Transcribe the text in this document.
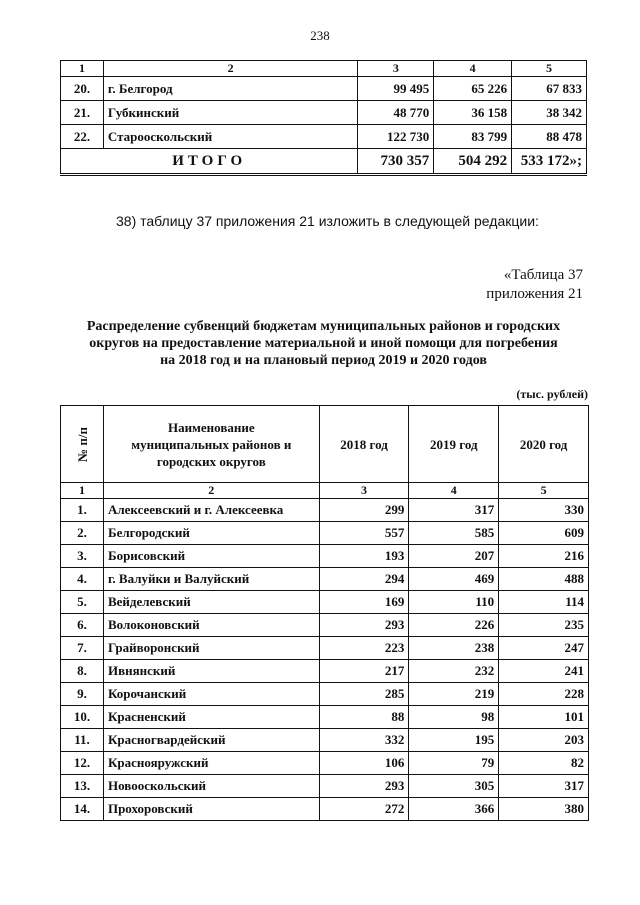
238
1	2	3	4	5
20.	г. Белгород	99 495	65 226	67 833
21.	Губкинский	48 770	36 158	38 342
22.	Старооскольский	122 730	83 799	88 478
ИТОГО		730 357	504 292	533 172»;
38) таблицу 37 приложения 21 изложить в следующей редакции:
«Таблица 37
приложения 21
Распределение субвенций бюджетам муниципальных районов и городских
округов на предоставление материальной и иной помощи для погребения
на 2018 год и на плановый период 2019 и 2020 годов
(тыс. рублей)
№ п/п	Наименование
муниципальных районов и
городских округов	2018 год	2019 год	2020 год
1	2	3	4	5
1.	Алексеевский и г. Алексеевка	299	317	330
2.	Белгородский	557	585	609
3.	Борисовский	193	207	216
4.	г. Валуйки и Валуйский	294	469	488
5.	Вейделевский	169	110	114
6.	Волоконовский	293	226	235
7.	Грайворонский	223	238	247
8.	Ивнянский	217	232	241
9.	Корочанский	285	219	228
10.	Красненский	88	98	101
11.	Красногвардейский	332	195	203
12.	Краснояружский	106	79	82
13.	Новооскольский	293	305	317
14.	Прохоровский	272	366	380
